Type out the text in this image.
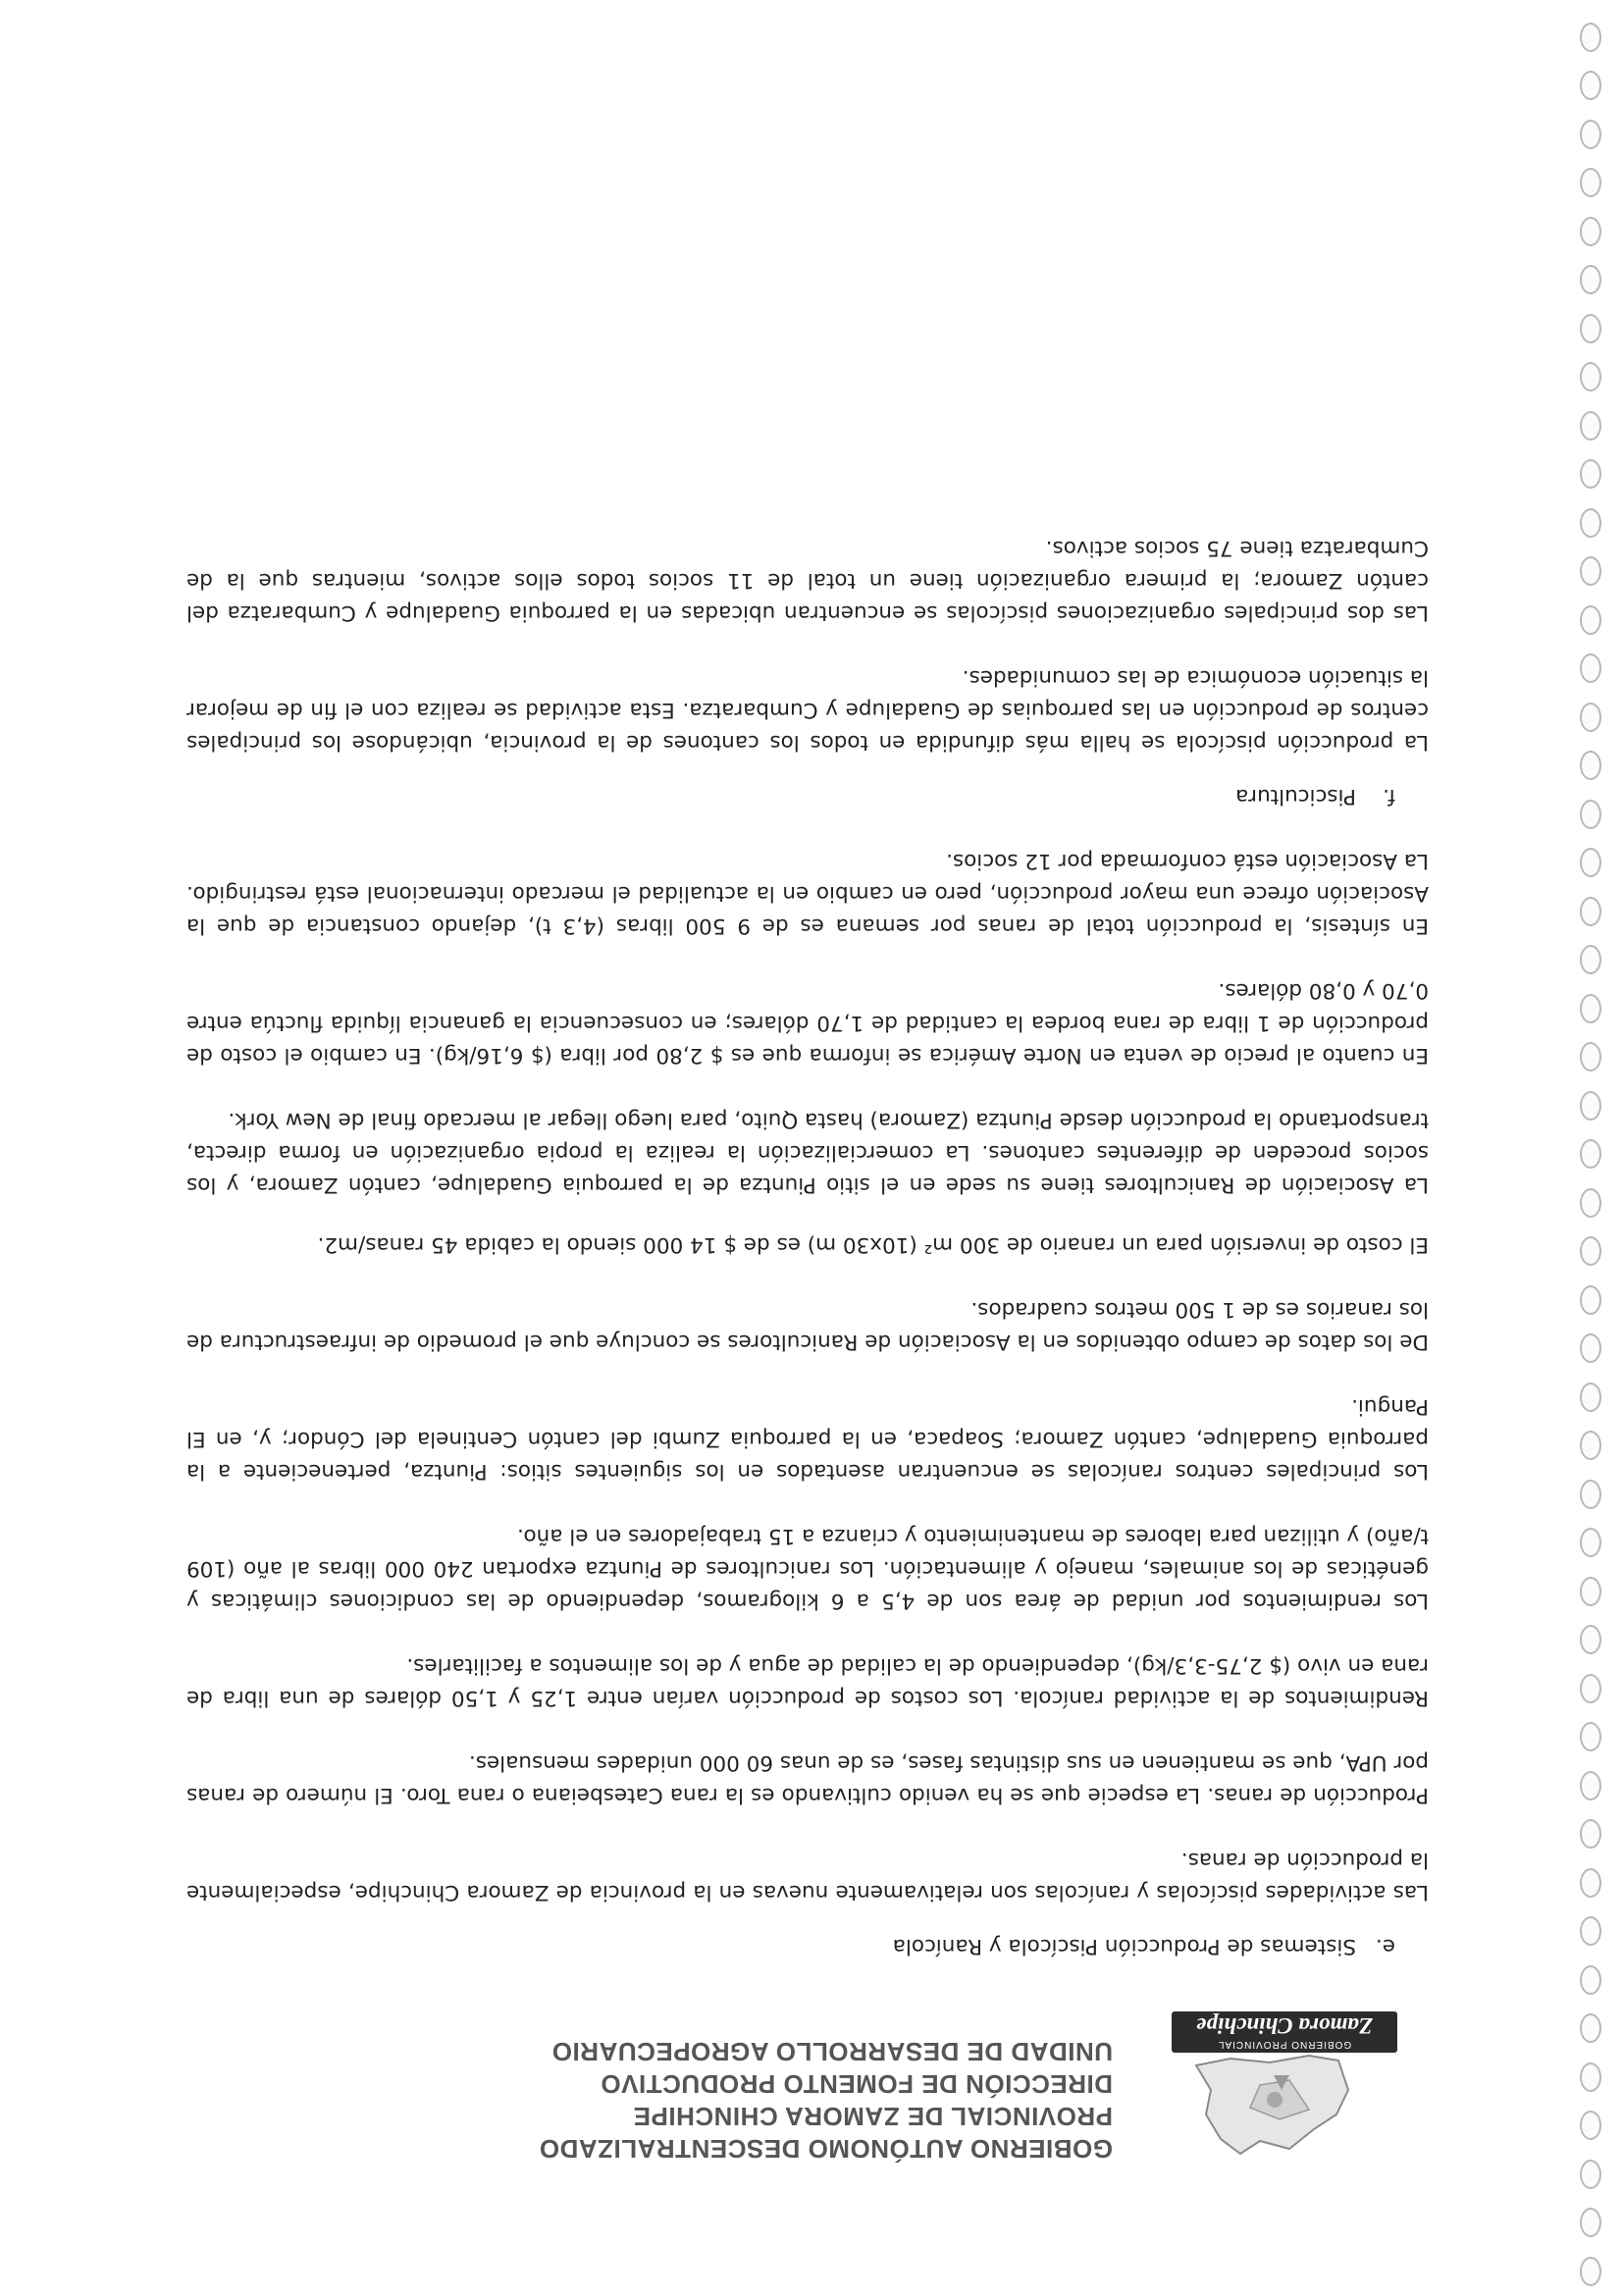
GOBIERNO PROVINCIAL
Zamora Chinchipe
GOBIERNO AUTÓNOMO DESCENTRALIZADO
PROVINCIAL DE ZAMORA CHINCHIPE
DIRECCIÓN DE FOMENTO PRODUCTIVO
UNIDAD DE DESARROLLO AGROPECUARIO
e.Sistemas de Producción Piscícola y Ranícola

Las actividades piscícolas y ranícolas son relativamente nuevas en la provincia de Zamora Chinchipe, especialmente la producción de ranas.

Producción de ranas. La especie que se ha venido cultivando es la rana Catesbeiana o rana Toro. El número de ranas por UPA, que se mantienen en sus distintas fases, es de unas 60 000 unidades mensuales.

Rendimientos de la actividad ranícola. Los costos de producción varían entre 1,25 y 1,50 dólares de una libra de rana en vivo ($ 2,75-3,3/kg), dependiendo de la calidad de agua y de los alimentos a facilitarles.

Los rendimientos por unidad de área son de 4,5 a 6 kilogramos, dependiendo de las condiciones climáticas y genéticas de los animales, manejo y alimentación. Los ranicultores de Piuntza exportan 240 000 libras al año (109 t/año) y utilizan para labores de mantenimiento y crianza a 15 trabajadores en el año.

Los principales centros ranícolas se encuentran asentados en los siguientes sitios: Piuntza, perteneciente a la parroquia Guadalupe, cantón Zamora; Soapaca, en la parroquia Zumbi del cantón Centinela del Cóndor; y, en El Pangui.

De los datos de campo obtenidos en la Asociación de Ranicultores se concluye que el promedio de infraestructura de los ranarios es de 1 500 metros cuadrados.

El costo de inversión para un ranario de 300 m² (10x30 m) es de $ 14 000 siendo la cabida 45 ranas/m2.

La Asociación de Ranicultores tiene su sede en el sitio Piuntza de la parroquia Guadalupe, cantón Zamora, y los socios proceden de diferentes cantones. La comercialización la realiza la propia organización en forma directa, transportando la producción desde Piuntza (Zamora) hasta Quito, para luego llegar al mercado final de New York.

En cuanto al precio de venta en Norte América se informa que es $ 2,80 por libra ($ 6,16/kg). En cambio el costo de producción de 1 libra de rana bordea la cantidad de 1,70 dólares; en consecuencia la ganancia líquida fluctúa entre 0,70 y 0,80 dólares.

En síntesis, la producción total de ranas por semana es de 9 500 libras (4,3 t), dejando constancia de que la Asociación ofrece una mayor producción, pero en cambio en la actualidad el mercado internacional está restringido. La Asociación está conformada por 12 socios.

f.Piscicultura

La producción piscícola se halla más difundida en todos los cantones de la provincia, ubicándose los principales centros de producción en las parroquias de Guadalupe y Cumbaratza. Esta actividad se realiza con el fin de mejorar la situación económica de las comunidades.

Las dos principales organizaciones piscícolas se encuentran ubicadas en la parroquia Guadalupe y Cumbaratza del cantón Zamora; la primera organización tiene un total de 11 socios todos ellos activos, mientras que la de Cumbaratza tiene 75 socios activos.
